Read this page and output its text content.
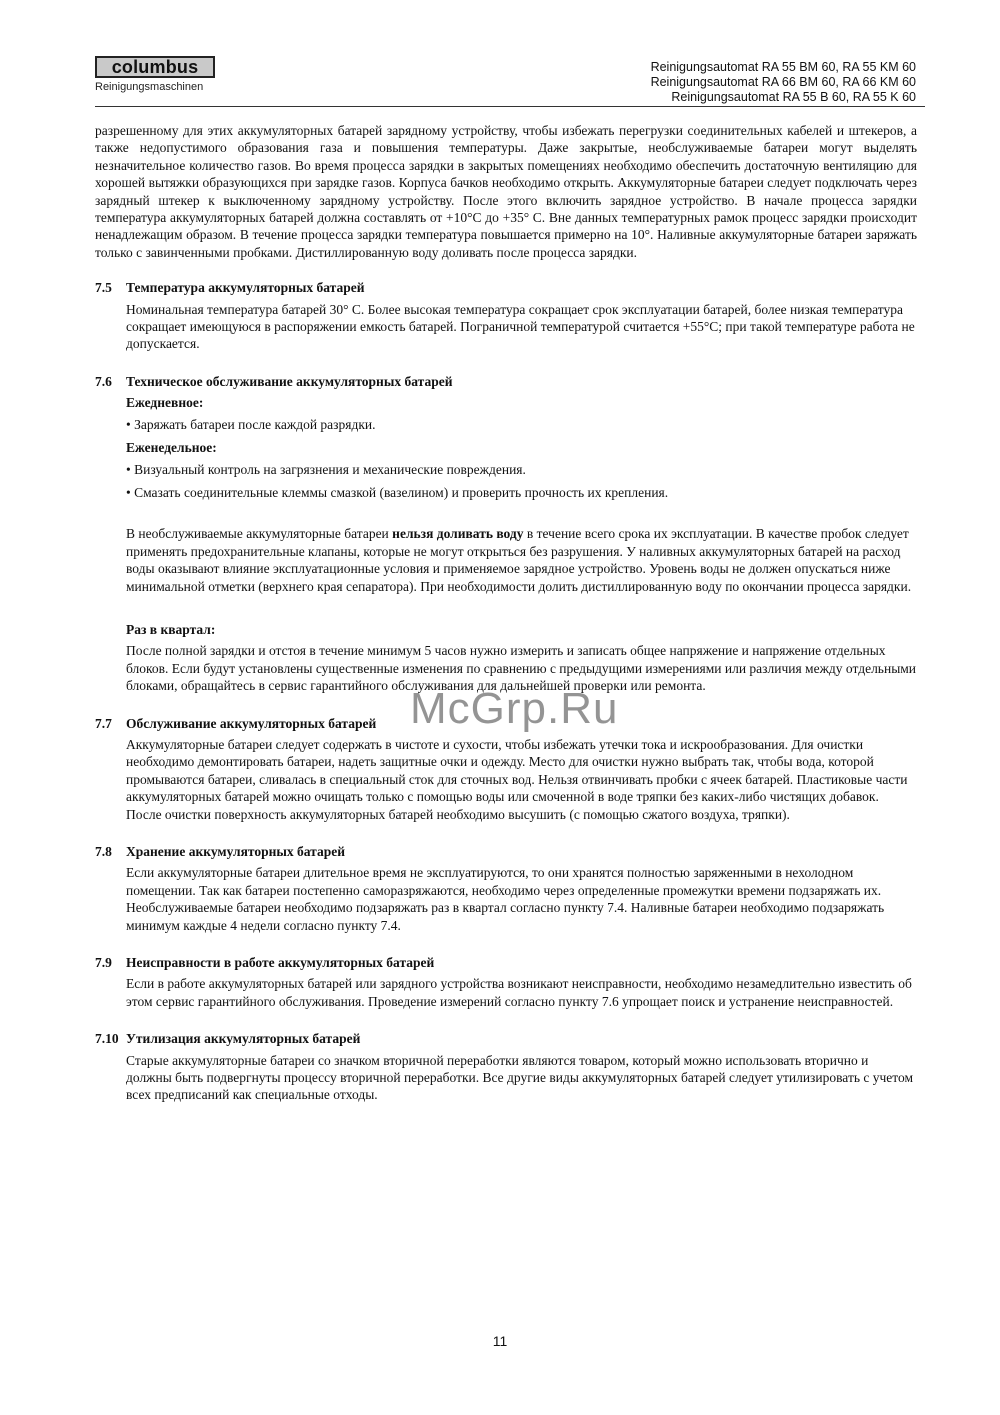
columbus
Reinigungsmaschinen
Reinigungsautomat RA 55 BM 60, RA 55 KM 60
Reinigungsautomat RA 66 BM 60, RA 66 KM 60
Reinigungsautomat RA 55 B 60, RA 55 K 60

разрешенному для этих аккумуляторных батарей зарядному устройству, чтобы избежать перегрузки соединительных кабелей и штекеров, а также недопустимого образования газа и повышения температуры. Даже закрытые, необслуживаемые батареи могут выделять незначительное количество газов. Во время процесса зарядки в закрытых помещениях необходимо обеспечить достаточную вентиляцию для хорошей вытяжки образующихся при зарядке газов. Корпуса бачков необходимо открыть. Аккумуляторные батареи следует подключать через зарядный штекер к выключенному зарядному устройству. После этого включить зарядное устройство. В начале процесса зарядки температура аккумуляторных батарей должна составлять от +10°C до +35° C. Вне данных температурных рамок процесс зарядки происходит ненадлежащим образом. В течение процесса зарядки температура повышается примерно на 10°. Наливные аккумуляторные батареи заряжать только с завинченными пробками. Дистиллированную воду доливать после процесса зарядки.

7.5 Температура аккумуляторных батарей

Номинальная температура батарей 30° C. Более высокая температура сокращает срок эксплуатации батарей, более низкая температура сокращает имеющуюся в распоряжении емкость батарей. Пограничной температурой считается +55°C; при такой температуре работа не допускается.

7.6 Техническое обслуживание аккумуляторных батарей
Ежедневное:
• Заряжать батареи после каждой разрядки.
Еженедельное:
• Визуальный контроль на загрязнения и механические повреждения.
• Смазать соединительные клеммы смазкой (вазелином) и проверить прочность их крепления.

В необслуживаемые аккумуляторные батареи нельзя доливать воду в течение всего срока их эксплуатации. В качестве пробок следует применять предохранительные клапаны, которые не могут открыться без разрушения. У наливных аккумуляторных батарей на расход воды оказывают влияние эксплуатационные условия и применяемое зарядное устройство. Уровень воды не должен опускаться ниже минимальной отметки (верхнего края сепаратора). При необходимости долить дистиллированную воду по окончании процесса зарядки.

Раз в квартал:

После полной зарядки и отстоя в течение минимум 5 часов нужно измерить и записать общее напряжение и напряжение отдельных блоков. Если будут установлены существенные изменения по сравнению с предыдущими измерениями или различия между отдельными блоками, обращайтесь в сервис гарантийного обслуживания для дальнейшей проверки или ремонта.

7.7 Обслуживание аккумуляторных батарей

Аккумуляторные батареи следует содержать в чистоте и сухости, чтобы избежать утечки тока и искрообразования. Для очистки необходимо демонтировать батареи, надеть защитные очки и одежду. Место для очистки нужно выбрать так, чтобы вода, которой промываются батареи, сливалась в специальный сток для сточных вод. Нельзя отвинчивать пробки с ячеек батарей. Пластиковые части аккумуляторных батарей можно очищать только с помощью воды или смоченной в воде тряпки без каких-либо чистящих добавок. После очистки поверхность аккумуляторных батарей необходимо высушить (с помощью сжатого воздуха, тряпки).

7.8 Хранение аккумуляторных батарей

Если аккумуляторные батареи длительное время не эксплуатируются, то они хранятся полностью заряженными в нехолодном помещении. Так как батареи постепенно саморазряжаются, необходимо через определенные промежутки времени подзаряжать их. Необслуживаемые батареи необходимо подзаряжать раз в квартал согласно пункту 7.4. Наливные батареи необходимо подзаряжать минимум каждые 4 недели согласно пункту 7.4.

7.9 Неисправности в работе аккумуляторных батарей

Если в работе аккумуляторных батарей или зарядного устройства возникают неисправности, необходимо незамедлительно известить об этом сервис гарантийного обслуживания. Проведение измерений согласно пункту 7.6 упрощает поиск и устранение неисправностей.

7.10 Утилизация аккумуляторных батарей

Старые аккумуляторные батареи со значком вторичной переработки являются товаром, который можно использовать вторично и должны быть подвергнуты процессу вторичной переработки. Все другие виды аккумуляторных батарей следует утилизировать с учетом всех предписаний как специальные отходы.

McGrp.Ru
11
